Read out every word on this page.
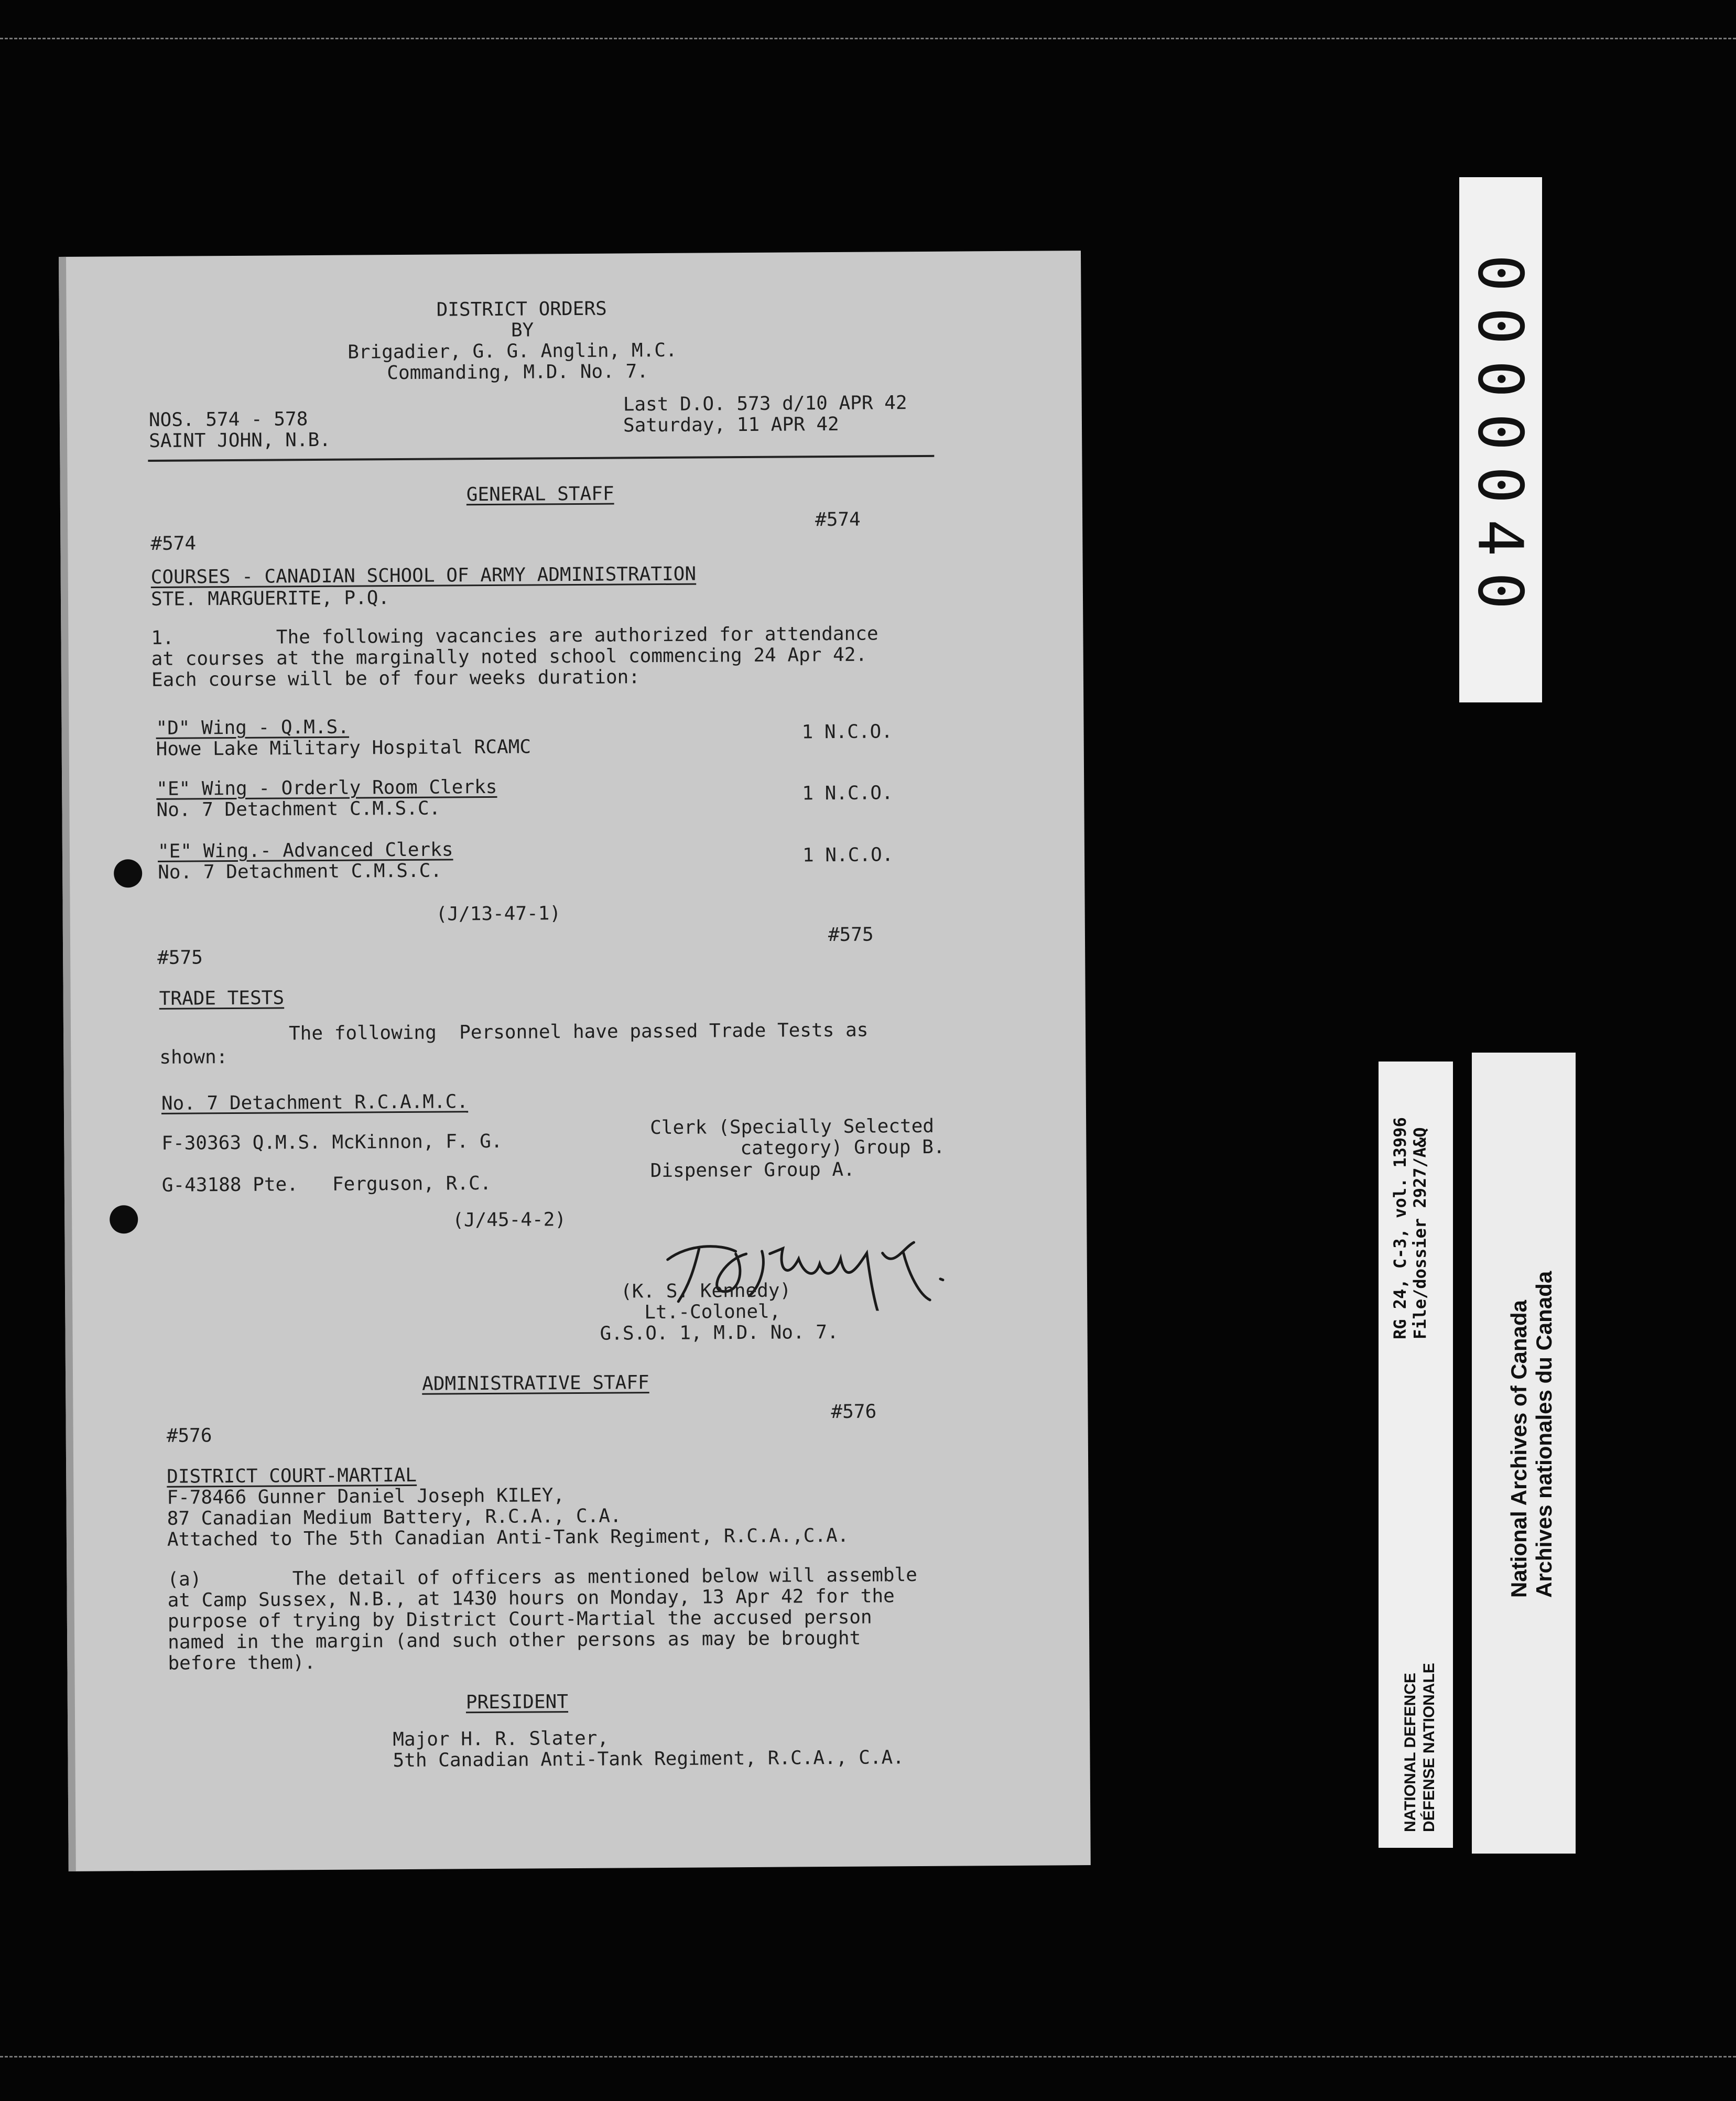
DISTRICT ORDERS
BY
Brigadier, G. G. Anglin, M.C.
Commanding, M.D. No. 7.
NOS. 574 - 578
SAINT JOHN, N.B.
Last D.O. 573 d/10 APR 42
Saturday, 11 APR 42
GENERAL STAFF
#574
#574
COURSES - CANADIAN SCHOOL OF ARMY ADMINISTRATION
STE. MARGUERITE, P.Q.
1.         The following vacancies are authorized for attendance
at courses at the marginally noted school commencing 24 Apr 42.
Each course will be of four weeks duration:
"D" Wing - Q.M.S.
Howe Lake Military Hospital RCAMC
1 N.C.O.
"E" Wing - Orderly Room Clerks
No. 7 Detachment C.M.S.C.
1 N.C.O.
"E" Wing.- Advanced Clerks
No. 7 Detachment C.M.S.C.
1 N.C.O.
(J/13-47-1)
#575
#575
TRADE TESTS
The following  Personnel have passed Trade Tests as
shown:
No. 7 Detachment R.C.A.M.C.
F-30363 Q.M.S. McKinnon, F. G.
Clerk (Specially Selected
category) Group B.
G-43188 Pte.   Ferguson, R.C.
Dispenser Group A.
(J/45-4-2)
(K. S. Kennedy)
Lt.-Colonel,
G.S.O. 1, M.D. No. 7.
ADMINISTRATIVE STAFF
#576
#576
DISTRICT COURT-MARTIAL
F-78466 Gunner Daniel Joseph KILEY,
87 Canadian Medium Battery, R.C.A., C.A.
Attached to The 5th Canadian Anti-Tank Regiment, R.C.A.,C.A.
(a)        The detail of officers as mentioned below will assemble
at Camp Sussex, N.B., at 1430 hours on Monday, 13 Apr 42 for the
purpose of trying by District Court-Martial the accused person
named in the margin (and such other persons as may be brought
before them).
PRESIDENT
Major H. R. Slater,
5th Canadian Anti-Tank Regiment, R.C.A., C.A.
0000040
RG 24, C-3, vol. 13996 File/dossier 2927/A&Q
NATIONAL DEFENCE DÉFENSE NATIONALE
National Archives of Canada Archives nationales du Canada
